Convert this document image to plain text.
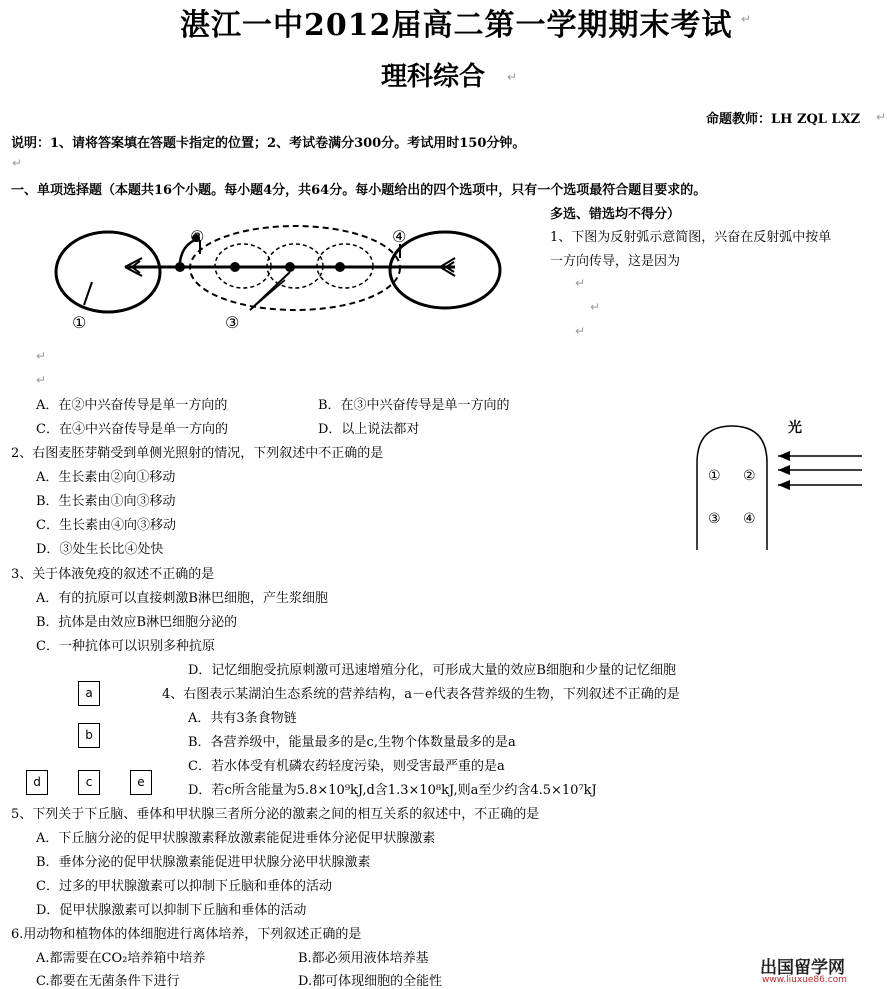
湛江一中2012届高二第一学期期末考试 ↵
理科综合 ↵
命题教师：LH ZQL LXZ ↵
说明：1、请将答案填在答题卡指定的位置；2、考试卷满分300分。考试用时150分钟。
↵
一、单项选择题（本题共16个小题。每小题4分，共64分。每小题给出的四个选项中，只有一个选项最符合题目要求的。
多选、错选均不得分）
①
②
③
④	1、下图为反射弧示意简图，兴奋在反射弧中按单
一方向传导，这是因为
↵
↵
↵
↵
↵
A．在②中兴奋传导是单一方向的	B．在③中兴奋传导是单一方向的
C．在④中兴奋传导是单一方向的	D．以上说法都对
2、右图麦胚芽鞘受到单侧光照射的情况，下列叙述中不正确的是
A．生长素由②向①移动
B．生长素由①向③移动
C．生长素由④向③移动
D．③处生长比④处快
光
① ②
③ ④
3、关于体液免疫的叙述不正确的是
A．有的抗原可以直接刺激B淋巴细胞，产生浆细胞
B．抗体是由效应B淋巴细胞分泌的
C．一种抗体可以识别多种抗原
D．记忆细胞受抗原刺激可迅速增殖分化，可形成大量的效应B细胞和少量的记忆细胞
a
b
d	c	e
4、右图表示某湖泊生态系统的营养结构，a－e代表各营养级的生物，下列叙述不正确的是
A．共有3条食物链
B．各营养级中，能量最多的是c,生物个体数量最多的是a
C．若水体受有机磷农药轻度污染，则受害最严重的是a
D．若c所含能量为5.8×10⁹kJ,d含1.3×10⁸kJ,则a至少约含4.5×10⁷kJ
5、下列关于下丘脑、垂体和甲状腺三者所分泌的激素之间的相互关系的叙述中，不正确的是
A．下丘脑分泌的促甲状腺激素释放激素能促进垂体分泌促甲状腺激素
B．垂体分泌的促甲状腺激素能促进甲状腺分泌甲状腺激素
C．过多的甲状腺激素可以抑制下丘脑和垂体的活动
D．促甲状腺激素可以抑制下丘脑和垂体的活动
6.用动物和植物体的体细胞进行离体培养，下列叙述正确的是
A.都需要在CO₂培养箱中培养	B.都必须用液体培养基
C.都要在无菌条件下进行	D.都可体现细胞的全能性
出国留学网
www.liuxue86.com
